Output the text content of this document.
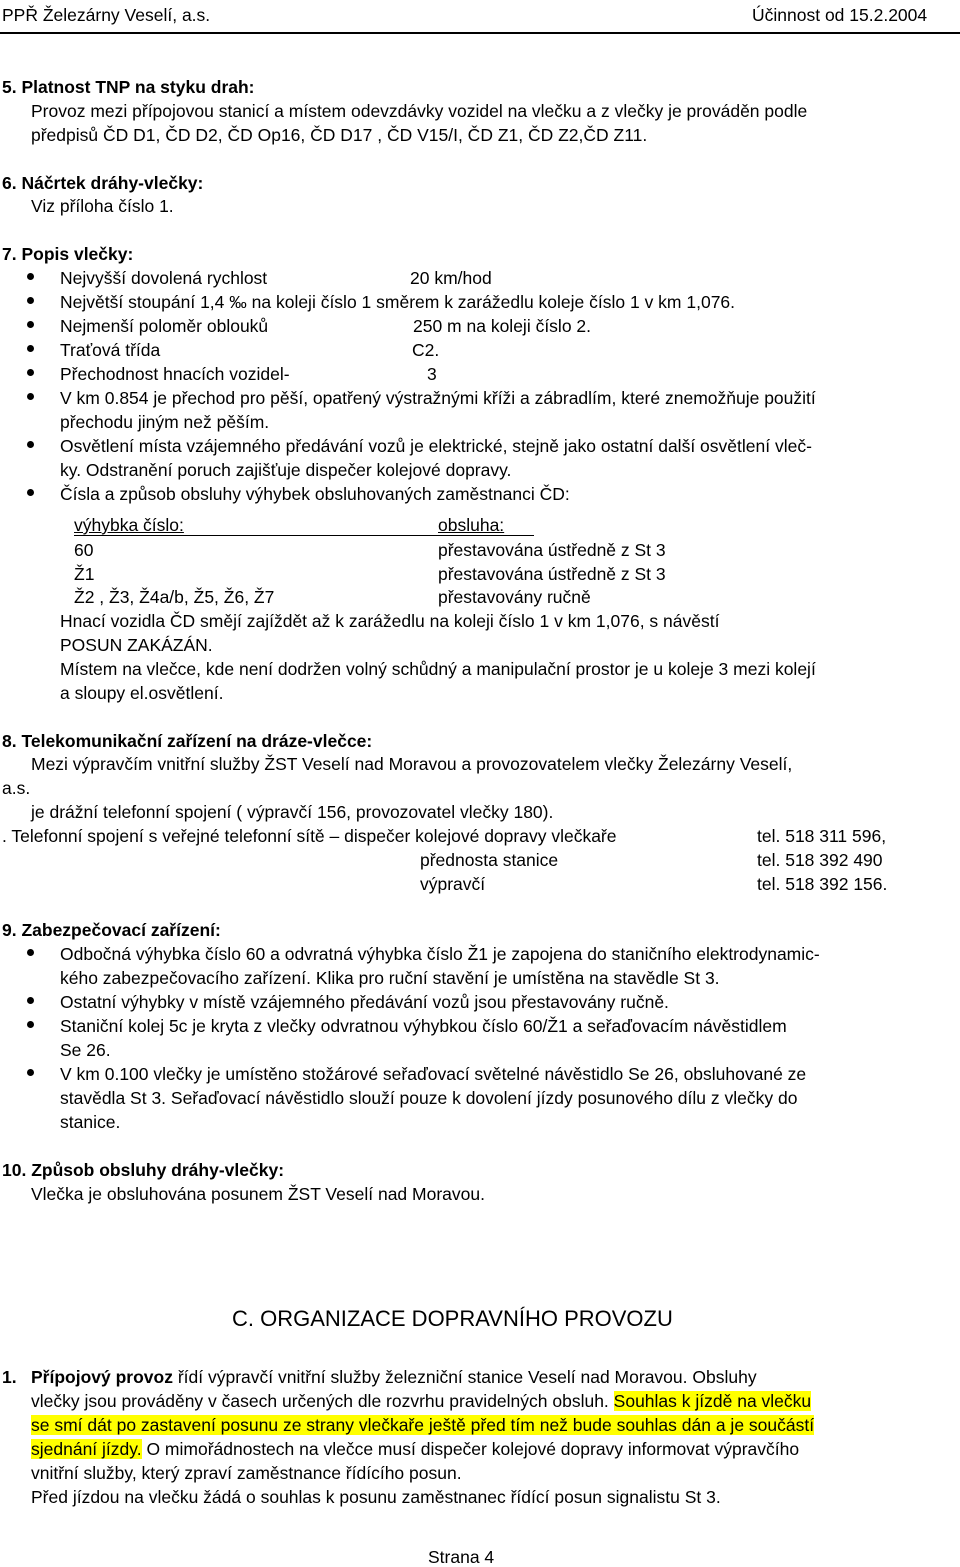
PPŘ Železárny Veselí, a.s.	Účinnost od 15.2.2004
5. Platnost TNP na styku drah:
Provoz mezi přípojovou stanicí a místem odevzdávky vozidel na vlečku a z vlečky je prováděn podle
předpisů ČD D1, ČD D2, ČD Op16, ČD D17 , ČD V15/I, ČD Z1, ČD Z2,ČD Z11.
6. Náčrtek dráhy-vlečky:
Viz příloha číslo 1.
7. Popis vlečky:
Nejvyšší dovolená rychlost	20 km/hod
Největší stoupání 1,4 ‰ na koleji číslo 1 směrem k zarážedlu koleje číslo 1 v km 1,076.
Nejmenší poloměr oblouků	250 m na koleji číslo 2.
Traťová třída	C2.
Přechodnost hnacích vozidel-	3
V km 0.854 je přechod pro pěší, opatřený výstražnými kříži a zábradlím, které znemožňuje použití
přechodu jiným než pěším.
Osvětlení místa vzájemného předávání vozů je elektrické, stejně jako ostatní další osvětlení vleč-
ky. Odstranění poruch zajišťuje dispečer kolejové dopravy.
Čísla a způsob obsluhy výhybek obsluhovaných zaměstnanci ČD:
výhybka číslo:	obsluha:
60	přestavována ústředně z St 3
Ž1	přestavována ústředně z St 3
Ž2 , Ž3, Ž4a/b, Ž5, Ž6, Ž7	přestavovány ručně
Hnací vozidla ČD smějí zajíždět až k zarážedlu na koleji číslo 1 v km 1,076, s návěstí
POSUN ZAKÁZÁN.
Místem na vlečce, kde není dodržen volný schůdný a manipulační prostor je u koleje 3 mezi kolejí
a sloupy el.osvětlení.
8. Telekomunikační zařízení na dráze-vlečce:
Mezi výpravčím vnitřní služby ŽST Veselí nad Moravou a provozovatelem vlečky Železárny Veselí,
a.s.
je drážní telefonní spojení ( výpravčí 156, provozovatel vlečky 180).
. Telefonní spojení s veřejné telefonní sítě – dispečer kolejové dopravy vlečkaře	tel. 518 311 596,
přednosta stanice	tel. 518 392 490
výpravčí	tel. 518 392 156.
9. Zabezpečovací zařízení:
Odbočná výhybka číslo 60 a odvratná výhybka číslo Ž1 je zapojena do staničního elektrodynamic-
kého zabezpečovacího zařízení. Klika pro ruční stavění je umístěna na stavědle St 3.
Ostatní výhybky v místě vzájemného předávání vozů jsou přestavovány ručně.
Staniční kolej 5c je kryta z vlečky odvratnou výhybkou číslo 60/Ž1 a seřaďovacím návěstidlem
Se 26.
V km 0.100 vlečky je umístěno stožárové seřaďovací světelné návěstidlo Se 26, obsluhované ze
stavědla St 3. Seřaďovací návěstidlo slouží pouze k dovolení jízdy posunového dílu z vlečky do
stanice.
10. Způsob obsluhy dráhy-vlečky:
Vlečka je obsluhována posunem ŽST Veselí nad Moravou.
C. ORGANIZACE DOPRAVNÍHO PROVOZU
1. Přípojový provoz řídí výpravčí vnitřní služby železniční stanice Veselí nad Moravou. Obsluhy
vlečky jsou prováděny v časech určených dle rozvrhu pravidelných obsluh. Souhlas k jízdě na vlečku
se smí dát po zastavení posunu ze strany vlečkaře ještě před tím než bude souhlas dán a je součástí
sjednání jízdy. O mimořádnostech na vlečce musí dispečer kolejové dopravy informovat výpravčího
vnitřní služby, který zpraví zaměstnance řídícího posun.
Před jízdou na vlečku žádá o souhlas k posunu zaměstnanec řídící posun signalistu St 3.
Strana 4
